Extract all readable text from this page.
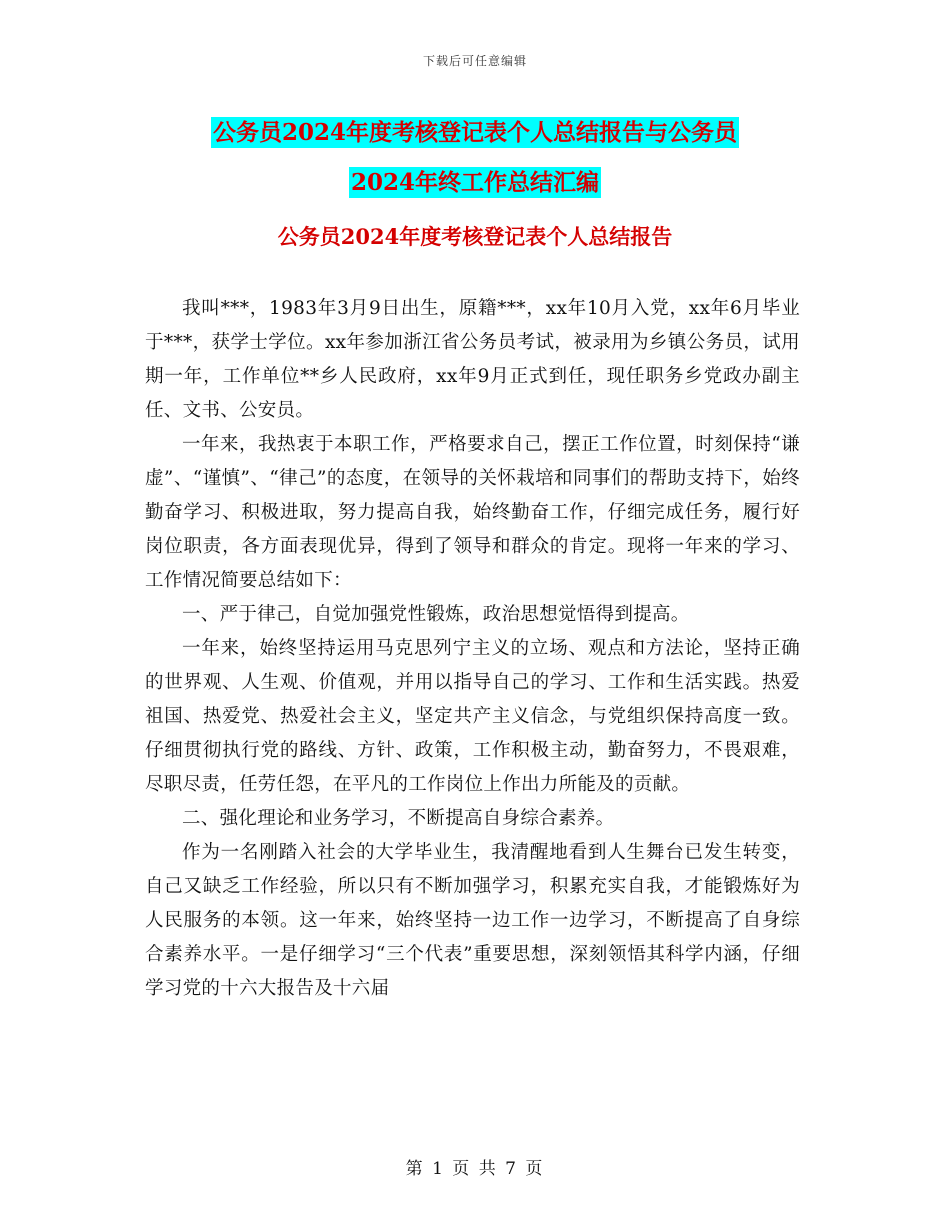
下载后可任意编辑
公务员2024年度考核登记表个人总结报告与公务员
2024年终工作总结汇编
公务员2024年度考核登记表个人总结报告

我叫***，1983年3月9日出生，原籍***，xx年10月入党，xx年6月毕业于***，获学士学位。xx年参加浙江省公务员考试，被录用为乡镇公务员，试用期一年，工作单位**乡人民政府，xx年9月正式到任，现任职务乡党政办副主任、文书、公安员。

一年来，我热衷于本职工作，严格要求自己，摆正工作位置，时刻保持“谦虚”、“谨慎”、“律己”的态度，在领导的关怀栽培和同事们的帮助支持下，始终勤奋学习、积极进取，努力提高自我，始终勤奋工作，仔细完成任务，履行好岗位职责，各方面表现优异，得到了领导和群众的肯定。现将一年来的学习、工作情况简要总结如下：

一、严于律己，自觉加强党性锻炼，政治思想觉悟得到提高。

一年来，始终坚持运用马克思列宁主义的立场、观点和方法论，坚持正确的世界观、人生观、价值观，并用以指导自己的学习、工作和生活实践。热爱祖国、热爱党、热爱社会主义，坚定共产主义信念，与党组织保持高度一致。仔细贯彻执行党的路线、方针、政策，工作积极主动，勤奋努力，不畏艰难，尽职尽责，任劳任怨，在平凡的工作岗位上作出力所能及的贡献。

二、强化理论和业务学习，不断提高自身综合素养。

作为一名刚踏入社会的大学毕业生，我清醒地看到人生舞台已发生转变，自己又缺乏工作经验，所以只有不断加强学习，积累充实自我，才能锻炼好为人民服务的本领。这一年来，始终坚持一边工作一边学习，不断提高了自身综合素养水平。一是仔细学习“三个代表”重要思想，深刻领悟其科学内涵，仔细学习党的十六大报告及十六届

第 1 页 共 7 页
